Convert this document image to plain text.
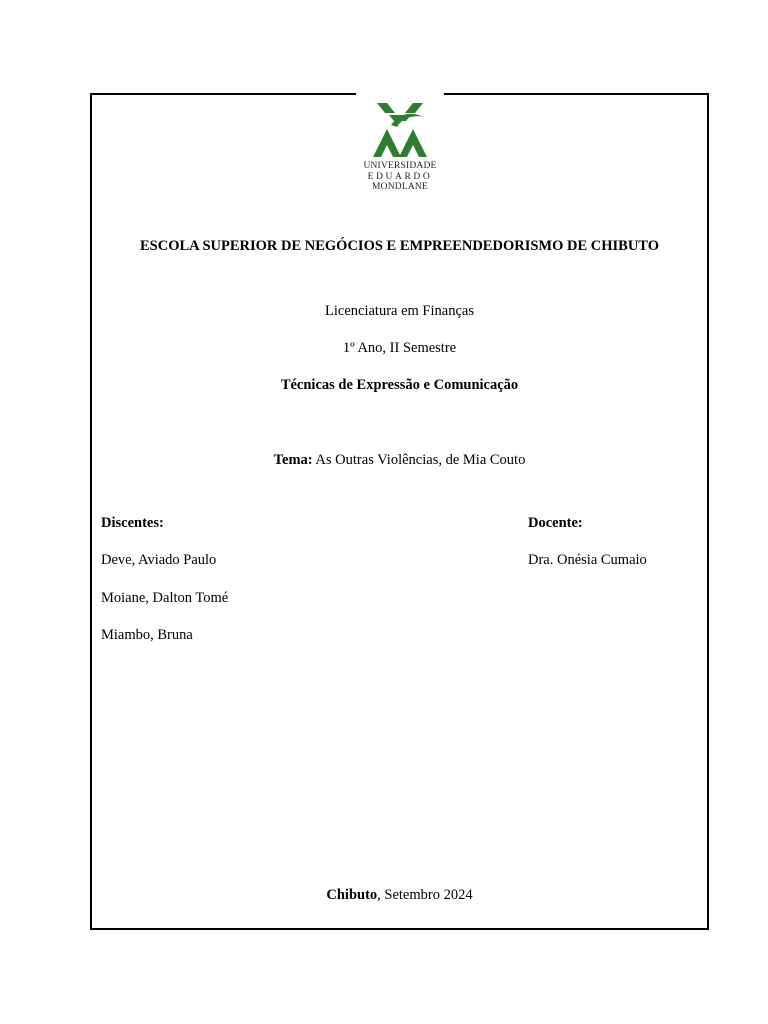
UNIVERSIDADE
EDUARDO
MONDLANE
ESCOLA SUPERIOR DE NEGÓCIOS E EMPREENDEDORISMO DE CHIBUTO
Licenciatura em Finanças
1º Ano, II Semestre
Técnicas de Expressão e Comunicação
Tema: As Outras Violências, de Mia Couto
Discentes:
Deve, Aviado Paulo
Moiane, Dalton Tomé
Miambo, Bruna
Docente:
Dra. Onésia Cumaio
Chibuto, Setembro 2024
